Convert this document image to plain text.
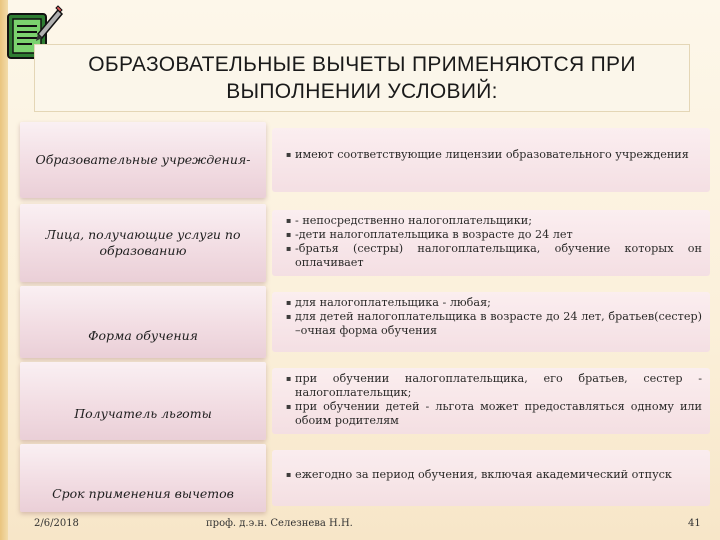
ОБРАЗОВАТЕЛЬНЫЕ ВЫЧЕТЫ ПРИМЕНЯЮТСЯ ПРИ
ВЫПОЛНЕНИИ УСЛОВИЙ:
Образовательные учреждения-
▪	имеют соответствующие лицензии образовательного учреждения
Лица, получающие услуги по образованию
▪ - непосредственно налогоплательщики;
▪ -дети налогоплательщика в возрасте до 24 лет
▪ -братья (сестры) налогоплательщика, обучение которых он оплачивает
Форма обучения
▪ для налогоплательщика - любая;
▪ для детей налогоплательщика в возрасте до 24 лет, братьев(сестер) –очная форма обучения
Получатель льготы
▪ при обучении налогоплательщика, его братьев, сестер - налогоплательщик;
▪ при обучении детей - льгота может предоставляться одному или обоим родителям
Срок применения вычетов
▪ ежегодно за период обучения, включая академический отпуск
2/6/2018	проф. д.э.н. Селезнева Н.Н.	41
